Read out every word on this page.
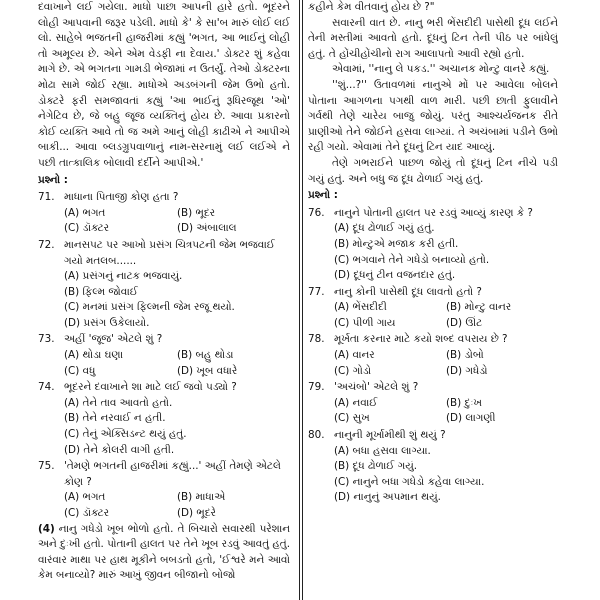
દવાખાને લઈ ગયેલા. માધો પાછા આપની હારે હતો. ભૂદરને લોહી આપવાની જરૂર પડેલી. માધો કે' કે સા'બ મારું લોઈ લઈ લો. સાહેબે ભજતની હાજરીમાં કહ્યું 'ભગત, આ ભાઈનું લોહી તો અમૂલ્ય છે. એને એમ વેડફી ના દેવાય.' ડોક્ટર શું કહેવા માગે છે. એ ભગતના ગામડી ભેજામાં ન ઉતર્યું. તેઓ ડોક્ટરના મોઢા સામે જોઈ રહ્યા. માધોએ અડબંગની જેમ ઉભો હતો. ડોક્ટરે ફરી સમજાવતાં કહ્યું 'આ ભાઈનું રૂધિરજૂથ 'ઓ' નેગેટિવ છે, જે બહુ જૂજ વ્યક્તિનું હોય છે. આવા પ્રકારનો કોઈ વ્યક્તિ આવે તો જ અમે આનું લોહી કાઢીએ ને આપીએ બાકી... આવા બ્લડગ્રુપવાળાનું નામ-સરનામું લઈ લઈએ ને પછી તાત્કાલિક બોલાવી દર્દીને આપીએ.'

પ્રશ્નો :
71. માધાના પિતાજી કોણ હતા ?
(A) ભગત	(B) ભૂદર
(C) ડૉક્ટર	(D) અંબાલાલ
72. માનસપટ પર આખો પ્રસંગ ચિત્રપટની જેમ ભજવાઈ ગયો મતલબ......
(A) પ્રસંગનું નાટક ભજવાયું.
(B) ફિલ્મ જોવાઈ
(C) મનમાં પ્રસંગ ફિલ્મની જેમ રજૂ થયો.
(D) પ્રસંગ ઉકેલાયો.
73. અહીં 'જૂજ' એટલે શું ?
(A) થોડા ઘણા	(B) બહુ થોડા
(C) વધુ	(D) ખૂબ વધારે
74. ભૂદરને દવાખાને શા માટે લઈ જવો પડ્યો ?
(A) તેને તાવ આવતો હતો.
(B) તેને નરવાઈ ન હતી.
(C) તેનું એક્સિડન્ટ થયું હતું.
(D) તેને કોલરી વાગી હતી.
75. 'તેમણે ભગતની હાજરીમાં કહ્યું...' અહીં તેમણે એટલે કોણ ?
(A) ભગત	(B) માધાએ
(C) ડૉક્ટર	(D) ભૂદરે

(4) નાનુ ગધેડો ખૂબ ભોળો હતો. તે બિચારો સવારથી પરેશાન અને દુઃખી હતો. પોતાની હાલત પર તેને ખૂબ રડવું આવતું હતું. વારંવાર માથા પર હાથ મૂકીને બબડતો હતો, 'ઈશ્વરે મને આવો કેમ બનાવ્યો? મારું આખું જીવન બીજાનો બોજો

કહીને કેમ વીતવાનું હોય છે ?"

સવારની વાત છે. નાનુ ભરી ભેંસદીદી પાસેથી દૂધ લઈને તેની મસ્તીમાં આવતો હતો. દૂધનું ટિન તેની પીઠ પર બાંધેલું હતું. તે હોંચીહોંચીનો રાગ આલાપતો આવી રહ્યો હતો.

એવામાં, ''નાનુ લે પકડ.'' અચાનક મોન્ટુ વાનરે કહ્યું.

''શું...?'' ઉતાવળમાં નાનુએ મોં પર આવેલા બોલને પોતાના આગળના પગથી વાળ મારી. પછી છાતી ફુલાવીને ગર્વથી તેણે ચારેય બાજુ જોયું. પરંતુ આશ્ચર્યજનક રીતે પ્રાણીઓ તેને જોઈને હસવા લાગ્યાં. તે અચંબામાં પડીને ઉભો રહી ગયો. એવામાં તેને દૂધનું ટિન યાદ આવ્યું.

તેણે ગભરાઈને પાછળ જોયું તો દૂધનું ટિન નીચે પડી ગયું હતું. અને બધુ જ દૂધ ઢોળાઈ ગયું હતું.

પ્રશ્નો :
76. નાનુને પોતાની હાલત પર રડવું આવ્યું કારણ કે ?
(A) દૂધ ઢોળાઈ ગયું હતું.
(B) મોન્ટુએ મજાક કરી હતી.
(C) ભગવાને તેને ગધેડો બનાવ્યો હતો.
(D) દૂધનું ટીન વજનદાર હતું.
77. નાનુ કોની પાસેથી દૂધ લાવતો હતો ?
(A) ભેંસદીદી	(B) મોન્ટુ વાનર
(C) પીળી ગાય	(D) ઊંટ
78. મૂર્ખતા કરનાર માટે કયો શબ્દ વપરાય છે ?
(A) વાનર	(B) ડોબો
(C) ગોડો	(D) ગધેડો
79. 'અચંબો' એટલે શું ?
(A) નવાઈ	(B) દુઃખ
(C) સુખ	(D) લાગણી
80. નાનુની મૂર્ખામીથી શું થયું ?
(A) બધા હસવા લાગ્યા.
(B) દૂધ ઢોળાઈ ગયું.
(C) નાનુને બધા ગધેડો કહેવા લાગ્યા.
(D) નાનુનું અપમાન થયું.
